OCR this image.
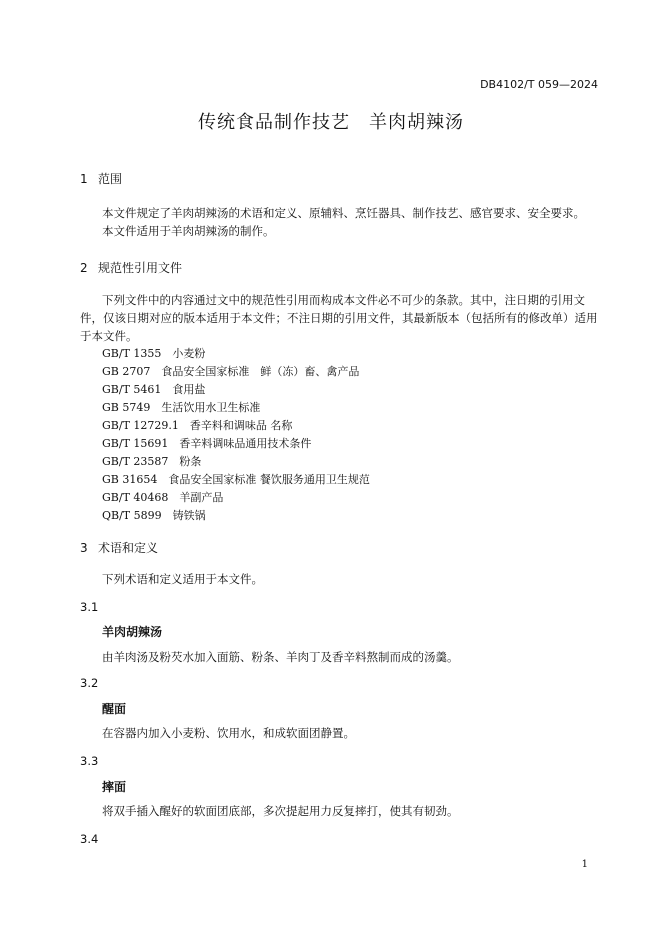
DB4102/T 059—2024
传统食品制作技艺　羊肉胡辣汤
1 范围
本文件规定了羊肉胡辣汤的术语和定义、原辅料、烹饪器具、制作技艺、感官要求、安全要求。
本文件适用于羊肉胡辣汤的制作。
2 规范性引用文件
下列文件中的内容通过文中的规范性引用而构成本文件必不可少的条款。其中，注日期的引用文件，仅该日期对应的版本适用于本文件；不注日期的引用文件，其最新版本（包括所有的修改单）适用于本文件。
GB/T 1355　小麦粉
GB 2707　食品安全国家标准　鲜（冻）畜、禽产品
GB/T 5461　食用盐
GB 5749　生活饮用水卫生标准
GB/T 12729.1　香辛料和调味品 名称
GB/T 15691　香辛料调味品通用技术条件
GB/T 23587　粉条
GB 31654　食品安全国家标准 餐饮服务通用卫生规范
GB/T 40468　羊副产品
QB/T 5899　铸铁锅
3 术语和定义
下列术语和定义适用于本文件。
3.1
羊肉胡辣汤
由羊肉汤及粉芡水加入面筋、粉条、羊肉丁及香辛料熬制而成的汤羹。
3.2
醒面
在容器内加入小麦粉、饮用水，和成软面团静置。
3.3
摔面
将双手插入醒好的软面团底部，多次提起用力反复摔打，使其有韧劲。
3.4
1
